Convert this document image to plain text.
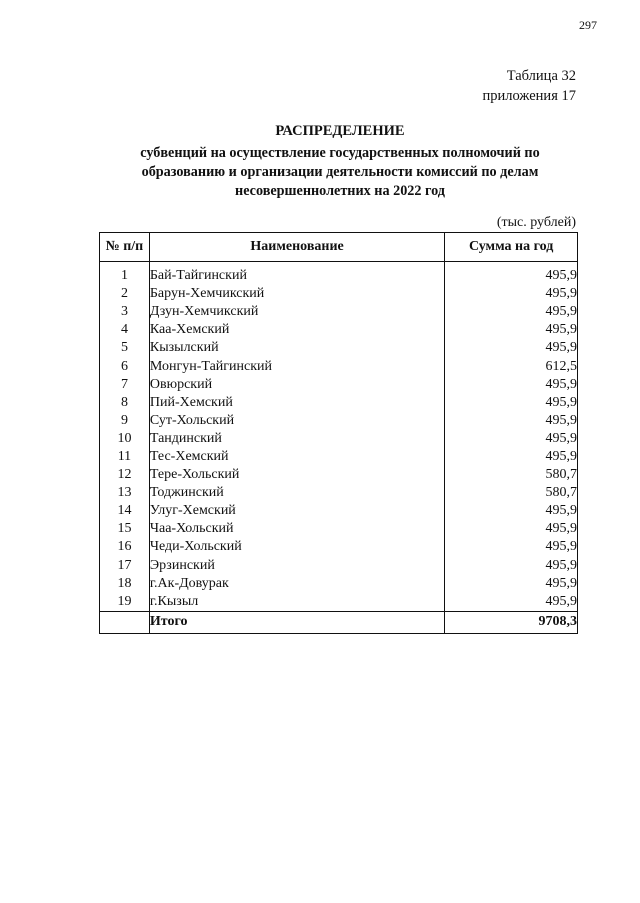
297
Таблица 32
приложения 17
РАСПРЕДЕЛЕНИЕ
субвенций на осуществление государственных полномочий по
образованию и организации деятельности комиссий по делам
несовершеннолетних на 2022 год
(тыс. рублей)
№ п/п	Наименование	Сумма на год

1	Бай-Тайгинский	495,9
2	Барун-Хемчикский	495,9
3	Дзун-Хемчикский	495,9
4	Каа-Хемский	495,9
5	Кызылский	495,9
6	Монгун-Тайгинский	612,5
7	Овюрский	495,9
8	Пий-Хемский	495,9
9	Сут-Хольский	495,9
10	Тандинский	495,9
11	Тес-Хемский	495,9
12	Тере-Хольский	580,7
13	Тоджинский	580,7
14	Улуг-Хемский	495,9
15	Чаа-Хольский	495,9
16	Чеди-Хольский	495,9
17	Эрзинский	495,9
18	г.Ак-Довурак	495,9
19	г.Кызыл	495,9
	Итого	9708,3
